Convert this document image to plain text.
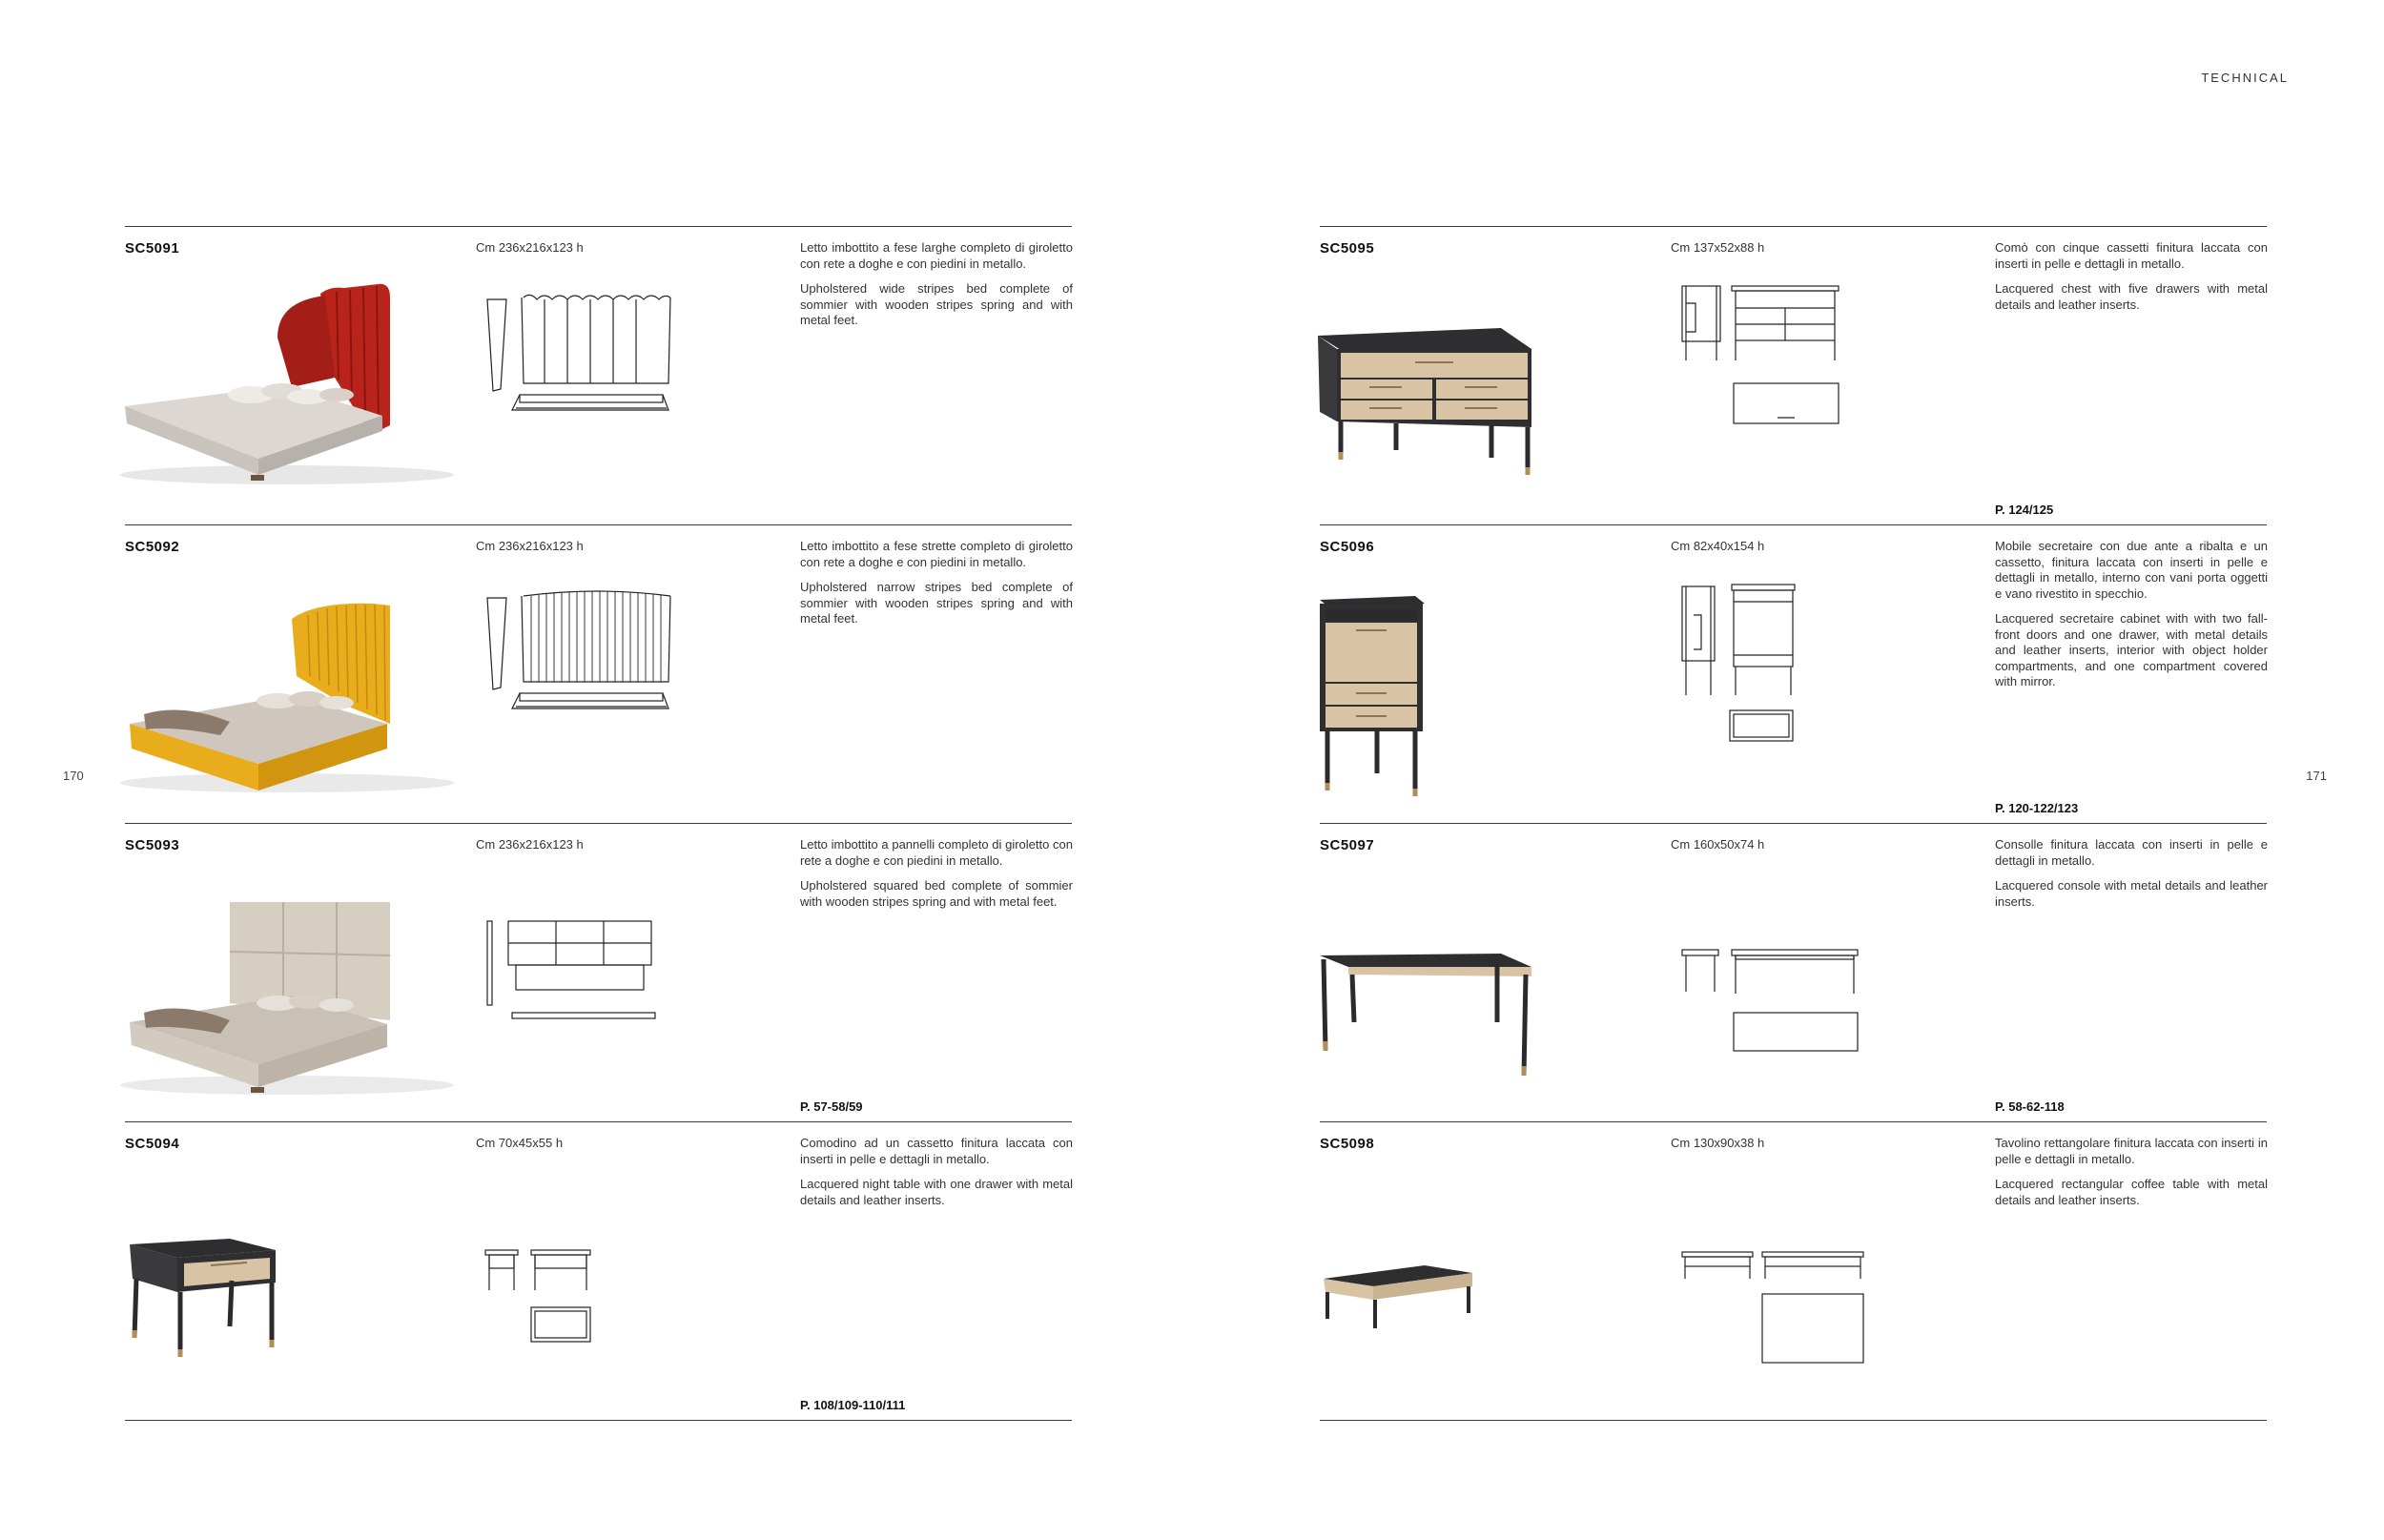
TECHNICAL
170	171
SC5091	Cm 236x216x123 h	Letto imbottito a fese larghe completo di giroletto con rete a doghe e con piedini in metallo.

Upholstered wide stripes bed complete of sommier with wooden stripes spring and with metal feet.

SC5092	Cm 236x216x123 h	Letto imbottito a fese strette completo di giroletto con rete a doghe e con piedini in metallo.

Upholstered narrow stripes bed complete of sommier with wooden stripes spring and with metal feet.

SC5093	Cm 236x216x123 h	Letto imbottito a pannelli completo di giroletto con rete a doghe e con piedini in metallo.

Upholstered squared bed complete of sommier with wooden stripes spring and with metal feet.

P. 57-58/59
SC5094	Cm 70x45x55 h	Comodino ad un cassetto finitura laccata con inserti in pelle e dettagli in metallo.

Lacquered night table with one drawer with metal details and leather inserts.

P. 108/109-110/111
SC5095	Cm 137x52x88 h	Comò con cinque cassetti finitura laccata con inserti in pelle e dettagli in metallo.

Lacquered chest with five drawers with metal details and leather inserts.

P. 124/125
SC5096	Cm 82x40x154 h	Mobile secretaire con due ante a ribalta e un cassetto, finitura laccata con inserti in pelle e dettagli in metallo, interno con vani porta oggetti e vano rivestito in specchio.

Lacquered secretaire cabinet with with two fall-front doors and one drawer, with metal details and leather inserts, interior with object holder compartments, and one compartment covered with mirror.

P. 120-122/123
SC5097	Cm 160x50x74 h	Consolle finitura laccata con inserti in pelle e dettagli in metallo.

Lacquered console with metal details and leather inserts.

P. 58-62-118
SC5098	Cm 130x90x38 h	Tavolino rettangolare finitura laccata con inserti in pelle e dettagli in metallo.

Lacquered rectangular coffee table with metal details and leather inserts.
